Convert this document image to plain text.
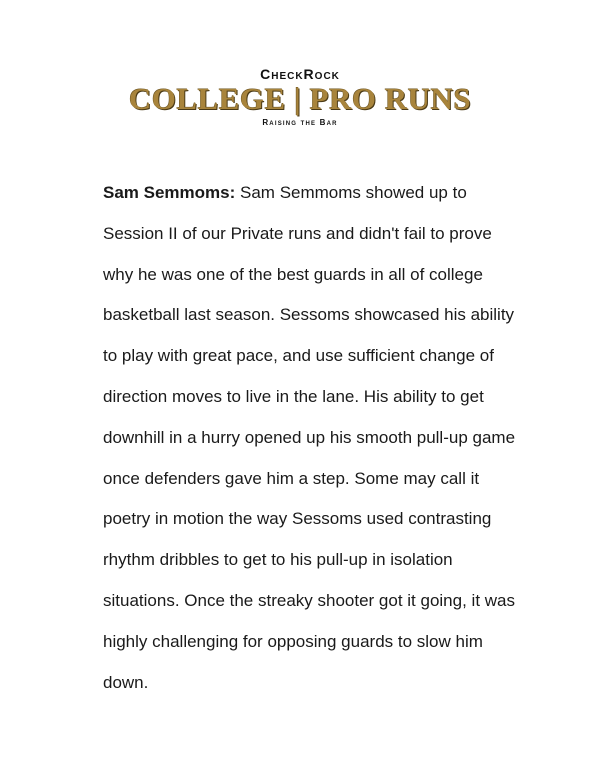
CheckRock
COLLEGE | PRO RUNS
Raising the Bar

Sam Semmoms: Sam Semmoms showed up to Session II of our Private runs and didn't fail to prove why he was one of the best guards in all of college basketball last season. Sessoms showcased his ability to play with great pace, and use sufficient change of direction moves to live in the lane. His ability to get downhill in a hurry opened up his smooth pull-up game once defenders gave him a step. Some may call it poetry in motion the way Sessoms used contrasting rhythm dribbles to get to his pull-up in isolation situations. Once the streaky shooter got it going, it was highly challenging for opposing guards to slow him down.
